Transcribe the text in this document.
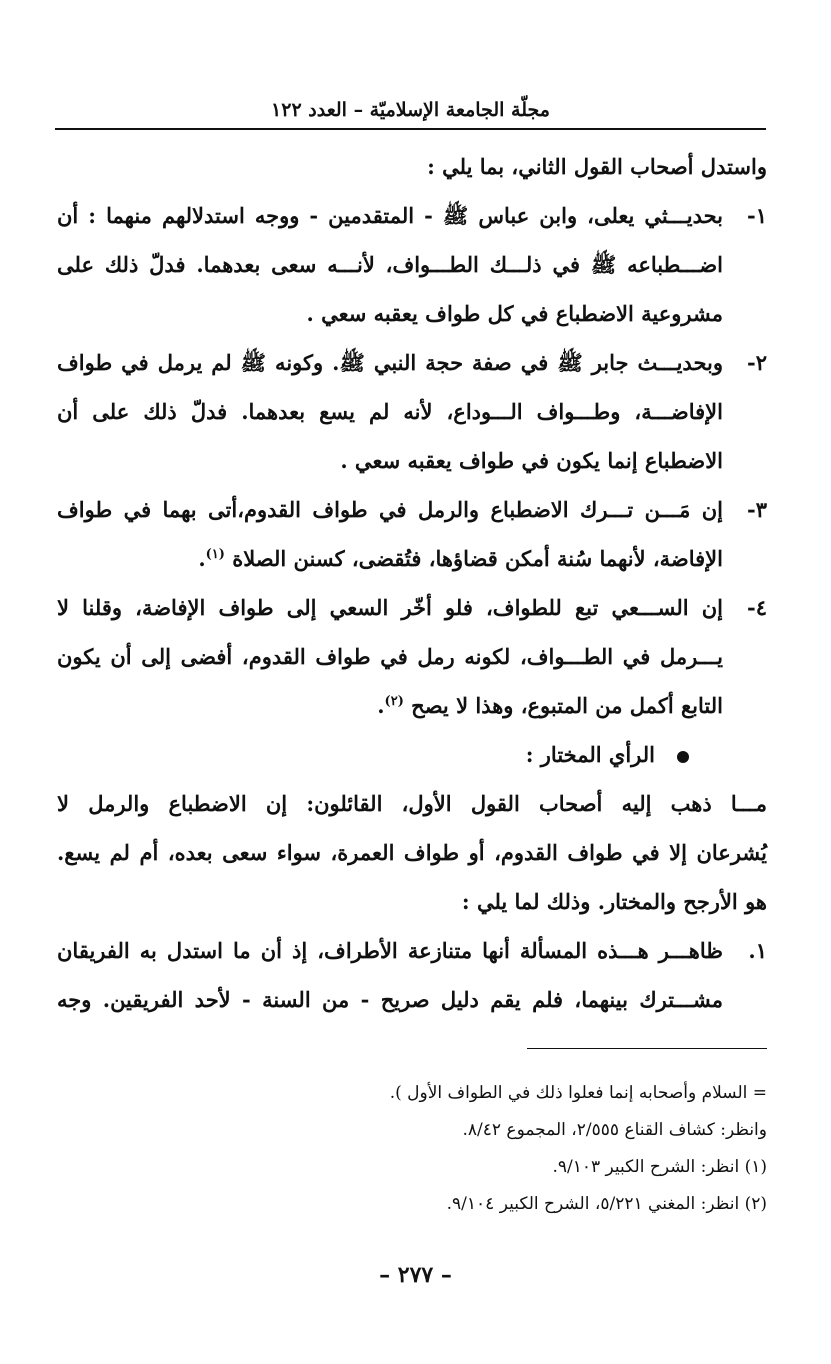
مجلّة الجامعة الإسلاميّة – العدد ١٢٢

واستدل أصحاب القول الثاني، بما يلي :

١-

بحديـــثي يعلى، وابن عباس ﷺ - المتقدمين - ووجه استدلالهم منهما : أن

اضـــطباعه ﷺ في ذلـــك الطـــواف، لأنـــه سعى بعدهما. فدلّ ذلك على

مشروعية الاضطباع في كل طواف يعقبه سعي .

٢-

وبحديـــث جابر ﷺ في صفة حجة النبي ﷺ. وكونه ﷺ لم يرمل في طواف

الإفاضـــة، وطـــواف الـــوداع، لأنه لم يسع بعدهما. فدلّ ذلك على أن

الاضطباع إنما يكون في طواف يعقبه سعي .

٣-

إن مَـــن تـــرك الاضطباع والرمل في طواف القدوم،أتى بهما في طواف

الإفاضة، لأنهما سُنة أمكن قضاؤها، فتُقضى، كسنن الصلاة $^{(١)}$.

٤-

إن الســـعي تبع للطواف، فلو أخّر السعي إلى طواف الإفاضة، وقلنا لا

يـــرمل في الطـــواف، لكونه رمل في طواف القدوم، أفضى إلى أن يكون

التابع أكمل من المتبوع، وهذا لا يصح $^{(٢)}$.

الرأي المختار :

مـــا ذهب إليه أصحاب القول الأول، القائلون: إن الاضطباع والرمل لا

يُشرعان إلا في طواف القدوم، أو طواف العمرة، سواء سعى بعده، أم لم يسع.

هو الأرجح والمختار. وذلك لما يلي :

١.

ظاهـــر هـــذه المسألة أنها متنازعة الأطراف، إذ أن ما استدل به الفريقان

مشـــترك بينهما، فلم يقم دليل صريح - من السنة - لأحد الفريقين. وجه

= السلام وأصحابه إنما فعلوا ذلك في الطواف الأول ).

وانظر: كشاف القناع ٢/٥٥٥، المجموع ٨/٤٢.

(١) انظر: الشرح الكبير ٩/١٠٣.

(٢) انظر: المغني ٥/٢٢١، الشرح الكبير ٩/١٠٤.

– ٢٧٧ –
